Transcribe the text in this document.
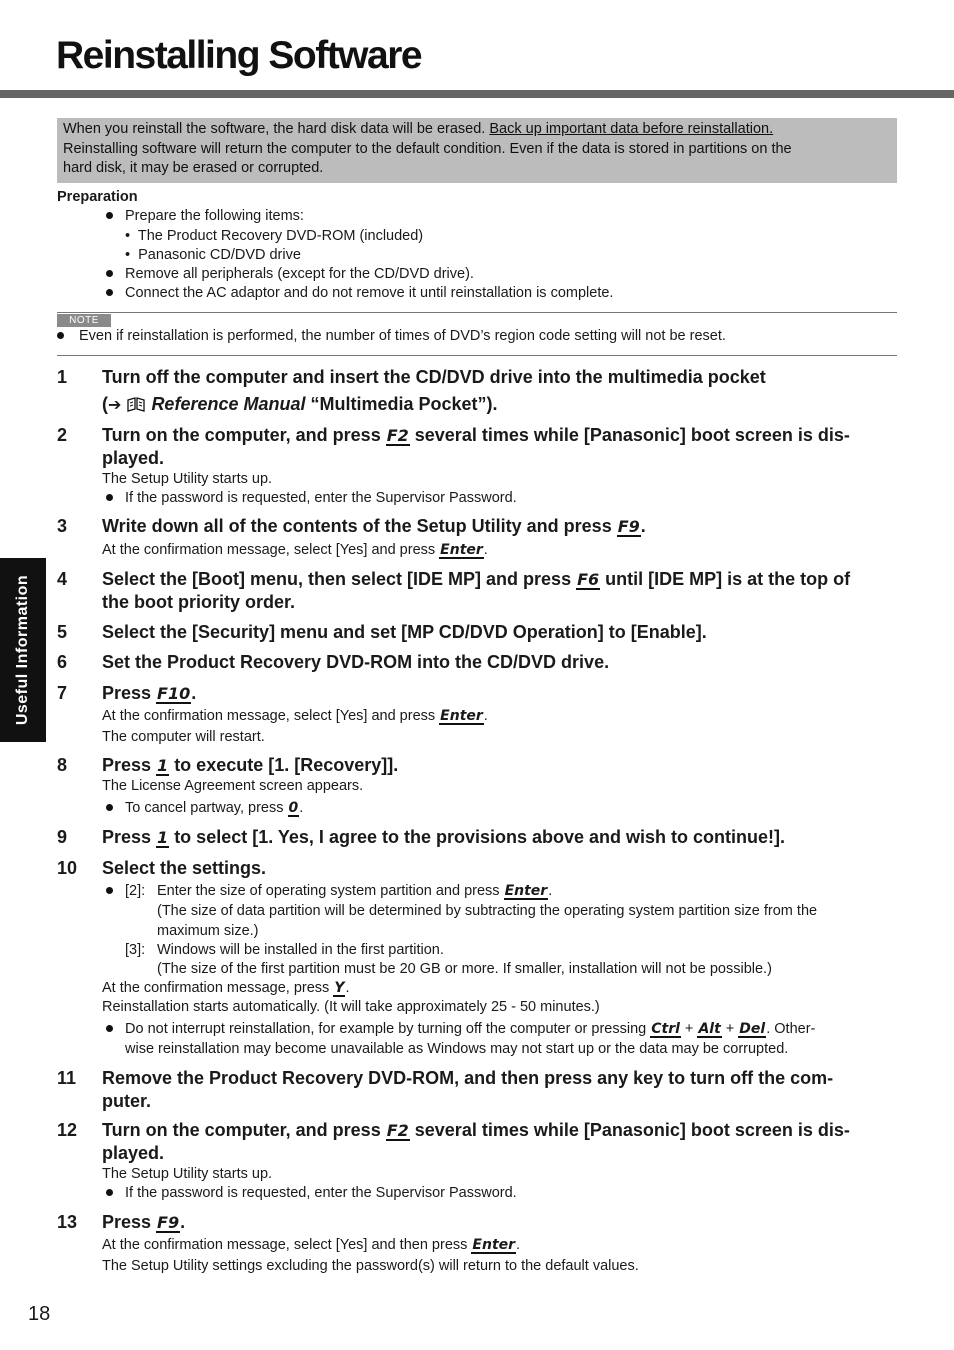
Reinstalling Software
When you reinstall the software, the hard disk data will be erased. Back up important data before reinstallation.
Reinstalling software will return the computer to the default condition. Even if the data is stored in partitions on the
hard disk, it may be erased or corrupted.
Preparation
Prepare the following items:
• The Product Recovery DVD-ROM (included)
• Panasonic CD/DVD drive
Remove all peripherals (except for the CD/DVD drive).
Connect the AC adaptor and do not remove it until reinstallation is complete.
NOTE
Even if reinstallation is performed, the number of times of DVD’s region code setting will not be reset.
1 Turn off the computer and insert the CD/DVD drive into the multimedia pocket

(➔ Reference Manual “Multimedia Pocket”).
2 Turn on the computer, and press F2 several times while [Panasonic] boot screen is dis-
played.
The Setup Utility starts up.
If the password is requested, enter the Supervisor Password.
3 Write down all of the contents of the Setup Utility and press F9.
At the confirmation message, select [Yes] and press Enter.
4 Select the [Boot] menu, then select [IDE MP] and press F6 until [IDE MP] is at the top of
the boot priority order.
5 Select the [Security] menu and set [MP CD/DVD Operation] to [Enable].
6 Set the Product Recovery DVD-ROM into the CD/DVD drive.
7 Press F10.
At the confirmation message, select [Yes] and press Enter.
The computer will restart.
8 Press 1 to execute [1. [Recovery]].
The License Agreement screen appears.
To cancel partway, press 0.
9 Press 1 to select [1. Yes, I agree to the provisions above and wish to continue!].
10 Select the settings.
[2]: Enter the size of operating system partition and press Enter.
(The size of data partition will be determined by subtracting the operating system partition size from the
maximum size.)
[3]: Windows will be installed in the first partition.
(The size of the first partition must be 20 GB or more. If smaller, installation will not be possible.)
At the confirmation message, press Y.
Reinstallation starts automatically. (It will take approximately 25 - 50 minutes.)
Do not interrupt reinstallation, for example by turning off the computer or pressing Ctrl + Alt + Del. Other-
wise reinstallation may become unavailable as Windows may not start up or the data may be corrupted.
11 Remove the Product Recovery DVD-ROM, and then press any key to turn off the com-
puter.
12 Turn on the computer, and press F2 several times while [Panasonic] boot screen is dis-
played.
The Setup Utility starts up.
If the password is requested, enter the Supervisor Password.
13 Press F9.
At the confirmation message, select [Yes] and then press Enter.
The Setup Utility settings excluding the password(s) will return to the default values.
Useful Information
18
